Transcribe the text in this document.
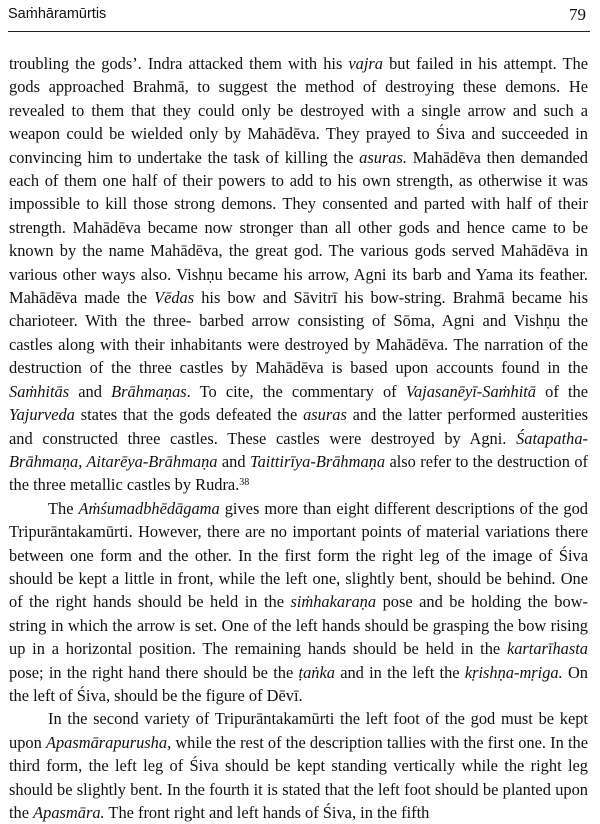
Saṁhāramūrtis	79

troubling the gods’. Indra attacked them with his vajra but failed in his attempt. The gods approached Brahmā, to suggest the method of destroying these demons. He revealed to them that they could only be destroyed with a single arrow and such a weapon could be wielded only by Mahādēva. They prayed to Śiva and succeeded in convincing him to undertake the task of killing the asuras. Mahādēva then demanded each of them one half of their powers to add to his own strength, as otherwise it was impossible to kill those strong demons. They consented and parted with half of their strength. Mahādēva became now stronger than all other gods and hence came to be known by the name Mahādēva, the great god. The various gods served Mahādēva in various other ways also. Vishṇu became his arrow, Agni its barb and Yama its feather. Mahādēva made the Vēdas his bow and Sāvitrī his bow-string. Brahmā became his charioteer. With the three- barbed arrow consisting of Sōma, Agni and Vishṇu the castles along with their inhabitants were destroyed by Mahādēva. The narration of the destruction of the three castles by Mahādēva is based upon accounts found in the Saṁhitās and Brāhmaṇas. To cite, the commentary of Vajasanēyī-Saṁhitā of the Yajurveda states that the gods defeated the asuras and the latter performed austerities and constructed three castles. These castles were destroyed by Agni. Śatapatha-Brāhmaṇa, Aitarēya-Brāhmaṇa and Taittirīya-Brāhmaṇa also refer to the destruction of the three metallic castles by Rudra.$^{38}$

The Aṁśumadbhēdāgama gives more than eight different descriptions of the god Tripurāntakamūrti. However, there are no important points of material variations there between one form and the other. In the first form the right leg of the image of Śiva should be kept a little in front, while the left one, slightly bent, should be behind. One of the right hands should be held in the siṁhakaraṇa pose and be holding the bow-string in which the arrow is set. One of the left hands should be grasping the bow rising up in a horizontal position. The remaining hands should be held in the kartarīhasta pose; in the right hand there should be the ṭaṅka and in the left the kṛishṇa-mṛiga. On the left of Śiva, should be the figure of Dēvī.

In the second variety of Tripurāntakamūrti the left foot of the god must be kept upon Apasmārapurusha, while the rest of the description tallies with the first one. In the third form, the left leg of Śiva should be kept standing vertically while the right leg should be slightly bent. In the fourth it is stated that the left foot should be planted upon the Apasmāra. The front right and left hands of Śiva, in the fifth
